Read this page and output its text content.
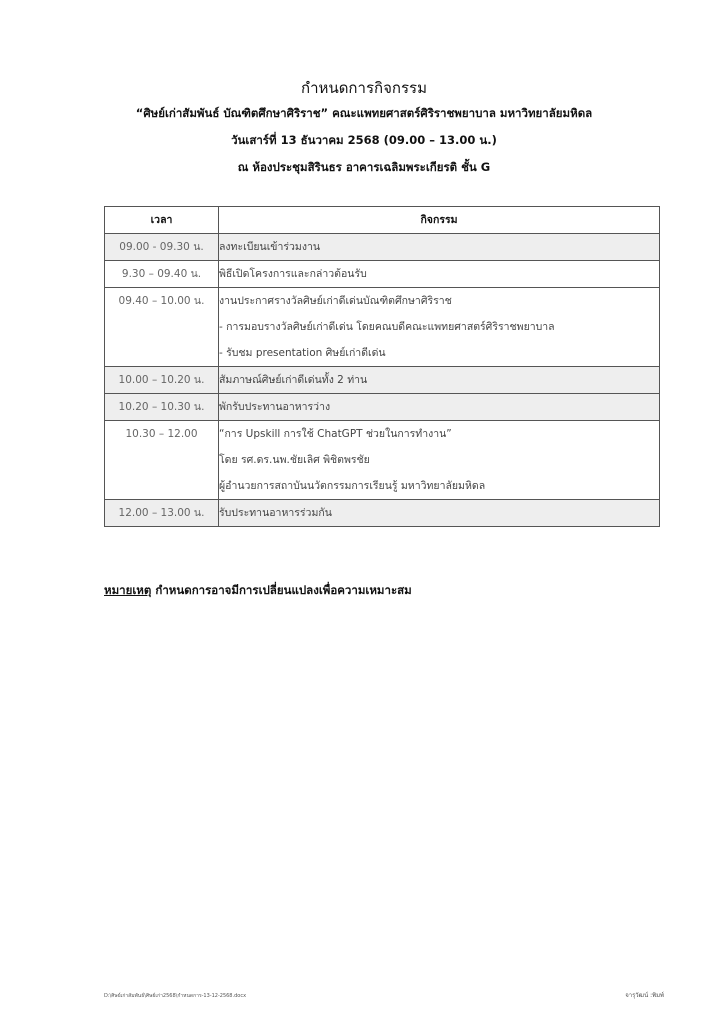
กำหนดการกิจกรรม
“ศิษย์เก่าสัมพันธ์ บัณฑิตศึกษาศิริราช” คณะแพทยศาสตร์ศิริราชพยาบาล มหาวิทยาลัยมหิดล
วันเสาร์ที่ 13 ธันวาคม 2568 (09.00 – 13.00 น.)
ณ ห้องประชุมสิรินธร อาคารเฉลิมพระเกียรติ ชั้น G
เวลา	กิจกรรม
09.00 - 09.30 น.	ลงทะเบียนเข้าร่วมงาน

9.30 – 09.40 น.	พิธีเปิดโครงการและกล่าวต้อนรับ

09.40 – 10.00 น.	งานประกาศรางวัลศิษย์เก่าดีเด่นบัณฑิตศึกษาศิริราช
- การมอบรางวัลศิษย์เก่าดีเด่น โดยคณบดีคณะแพทยศาสตร์ศิริราชพยาบาล
- รับชม presentation ศิษย์เก่าดีเด่น

10.00 – 10.20 น.	สัมภาษณ์ศิษย์เก่าดีเด่นทั้ง 2 ท่าน

10.20 – 10.30 น.	พักรับประทานอาหารว่าง

10.30 – 12.00	“การ Upskill การใช้ ChatGPT ช่วยในการทำงาน”
โดย รศ.ดร.นพ.ชัยเลิศ พิชิตพรชัย
ผู้อำนวยการสถาบันนวัตกรรมการเรียนรู้ มหาวิทยาลัยมหิดล

12.00 – 13.00 น.	รับประทานอาหารร่วมกัน
หมายเหตุ กำหนดการอาจมีการเปลี่ยนแปลงเพื่อความเหมาะสม
D:\ศิษย์เก่าสัมพันธ์\ศิษย์เก่า2568\กำหนดการ-13-12-2568.docx	จารุวัฒน์ :พิมพ์
